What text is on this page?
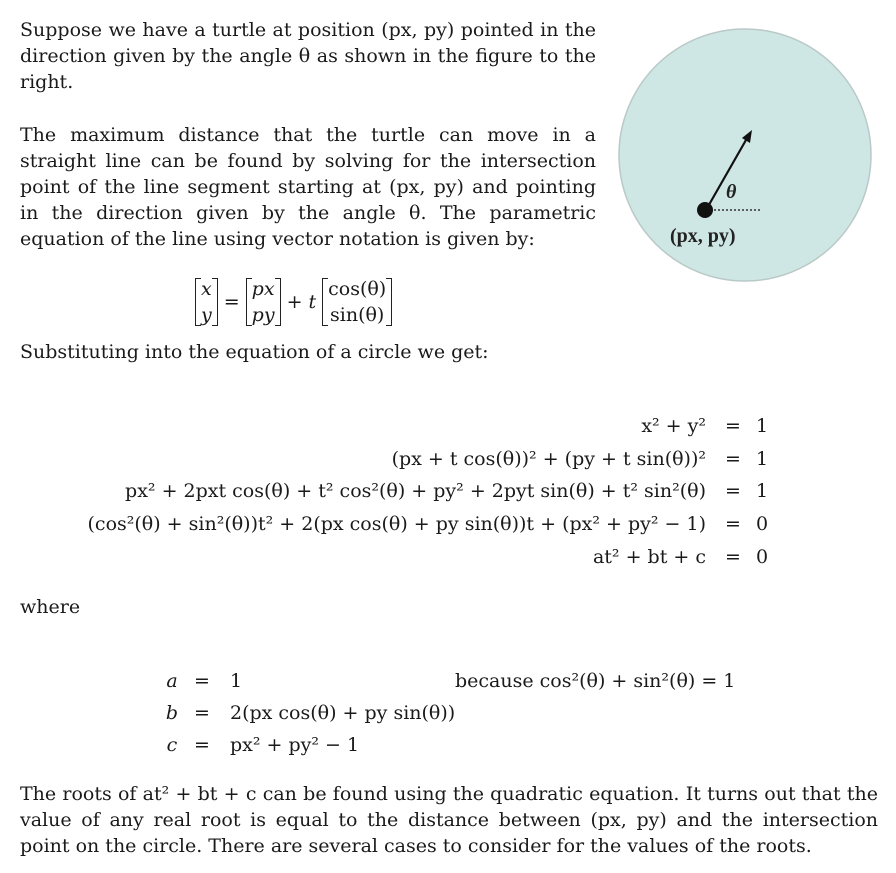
Suppose we have a turtle at position (px, py) pointed in the direction given by the angle θ as shown in the figure to the right.
θ
(px, py)
The maximum distance that the turtle can move in a straight line can be found by solving for the intersection point of the line segment starting at (px, py) and pointing in the direction given by the angle θ. The parametric equation of the line using vector notation is given by:
x
y
=
px
py
+ t
cos(θ)
sin(θ)
Substituting into the equation of a circle we get:
x² + y² = 1
(px + t cos(θ))² + (py + t sin(θ))² = 1
px² + 2pxt cos(θ) + t² cos²(θ) + py² + 2pyt sin(θ) + t² sin²(θ) = 1
(cos²(θ) + sin²(θ))t² + 2(px cos(θ) + py sin(θ))t + (px² + py² − 1) = 0
at² + bt + c = 0
where
a = 1	because cos²(θ) + sin²(θ) = 1
b = 2(px cos(θ) + py sin(θ))
c = px² + py² − 1
The roots of at² + bt + c can be found using the quadratic equation. It turns out that the value of any real root is equal to the distance between (px, py) and the intersection point on the circle. There are several cases to consider for the values of the roots.
